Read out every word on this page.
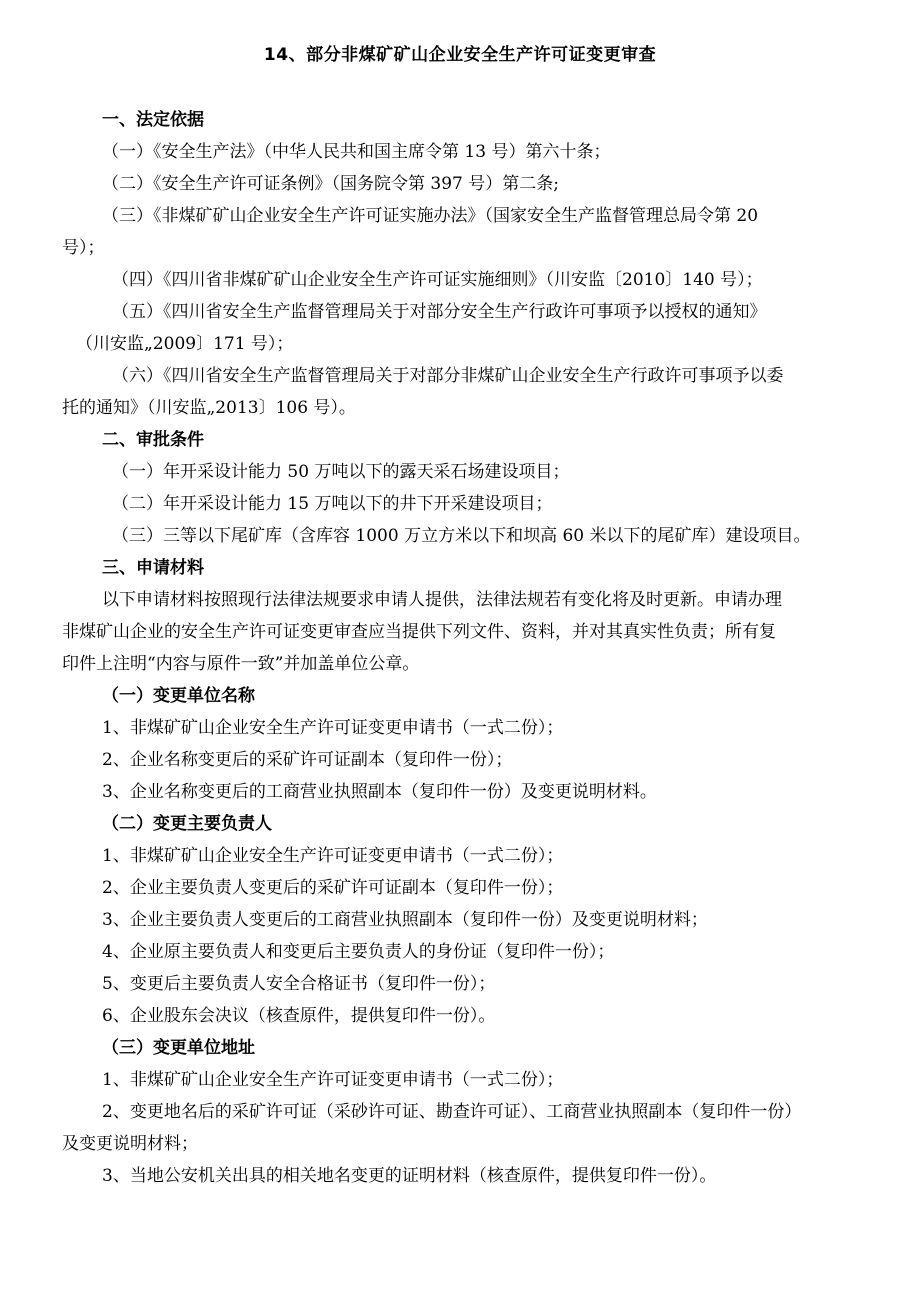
14、部分非煤矿矿山企业安全生产许可证变更审查
一、法定依据
（一）《安全生产法》（中华人民共和国主席令第 13 号）第六十条；
（二）《安全生产许可证条例》（国务院令第 397 号）第二条;
（三）《非煤矿矿山企业安全生产许可证实施办法》（国家安全生产监督管理总局令第 20
号）；
（四）《四川省非煤矿矿山企业安全生产许可证实施细则》（川安监〔2010〕140 号）；
（五）《四川省安全生产监督管理局关于对部分安全生产行政许可事项予以授权的通知》
（川安监„2009〕171 号）；
（六）《四川省安全生产监督管理局关于对部分非煤矿山企业安全生产行政许可事项予以委
托的通知》（川安监„2013〕106 号）。
二、审批条件
（一）年开采设计能力 50 万吨以下的露天采石场建设项目；
（二）年开采设计能力 15 万吨以下的井下开采建设项目；
（三）三等以下尾矿库（含库容 1000 万立方米以下和坝高 60 米以下的尾矿库）建设项目。
三、申请材料
以下申请材料按照现行法律法规要求申请人提供，法律法规若有变化将及时更新。申请办理
非煤矿山企业的安全生产许可证变更审查应当提供下列文件、资料，并对其真实性负责；所有复
印件上注明“内容与原件一致”并加盖单位公章。
（一）变更单位名称
1、非煤矿矿山企业安全生产许可证变更申请书（一式二份）；
2、企业名称变更后的采矿许可证副本（复印件一份）；
3、企业名称变更后的工商营业执照副本（复印件一份）及变更说明材料。
（二）变更主要负责人
1、非煤矿矿山企业安全生产许可证变更申请书（一式二份）；
2、企业主要负责人变更后的采矿许可证副本（复印件一份）；
3、企业主要负责人变更后的工商营业执照副本（复印件一份）及变更说明材料；
4、企业原主要负责人和变更后主要负责人的身份证（复印件一份）；
5、变更后主要负责人安全合格证书（复印件一份）；
6、企业股东会决议（核查原件，提供复印件一份）。
（三）变更单位地址
1、非煤矿矿山企业安全生产许可证变更申请书（一式二份）；
2、变更地名后的采矿许可证（采砂许可证、勘查许可证）、工商营业执照副本（复印件一份）
及变更说明材料；
3、当地公安机关出具的相关地名变更的证明材料（核查原件，提供复印件一份）。
